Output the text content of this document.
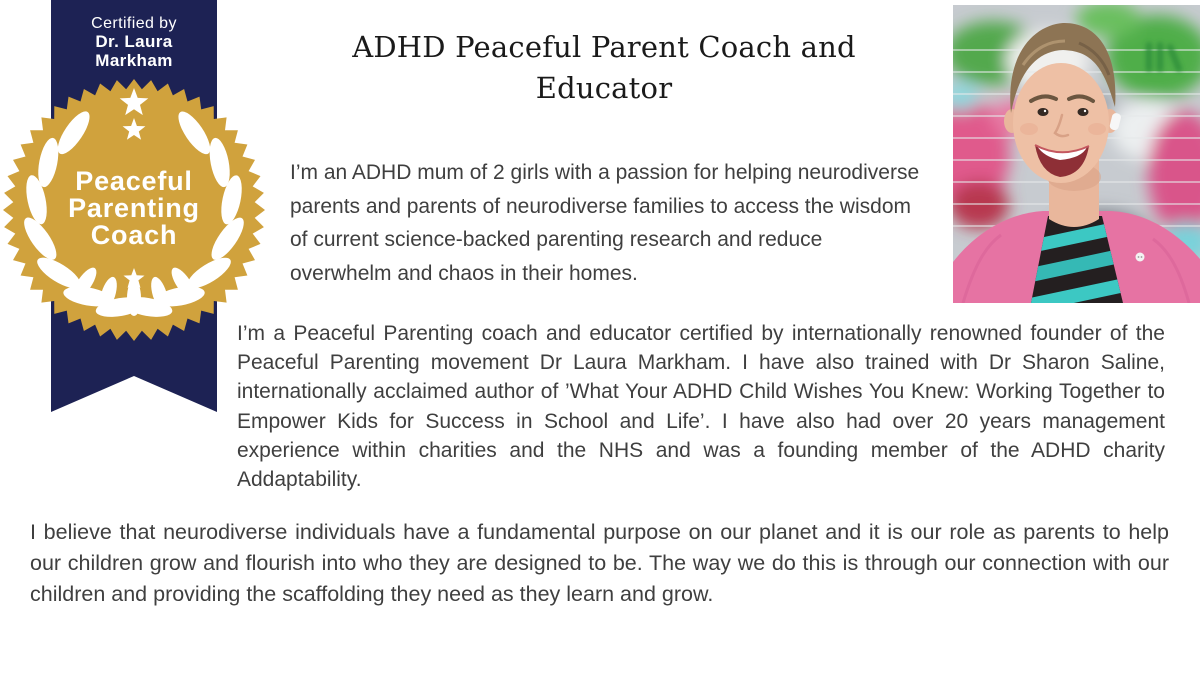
Certified by
Dr. Laura
Markham
Peaceful
Parenting
Coach
ADHD Peaceful Parent Coach and
Educator

I’m an ADHD mum of 2 girls with a passion for helping neurodiverse parents and parents of neurodiverse families to access the wisdom of current science-backed parenting research and reduce overwhelm and chaos in their homes.

I’m a Peaceful Parenting coach and educator certified by internationally renowned founder of the Peaceful Parenting movement Dr Laura Markham. I have also trained with Dr Sharon Saline, internationally acclaimed author of ’What Your ADHD Child Wishes You Knew: Working Together to Empower Kids for Success in School and Life’. I have also had over 20 years management experience within charities and the NHS and was a founding member of the ADHD charity Addaptability.

I believe that neurodiverse individuals have a fundamental purpose on our planet and it is our role as parents to help our children grow and flourish into who they are designed to be. The way we do this is through our connection with our children and providing the scaffolding they need as they learn and grow.
